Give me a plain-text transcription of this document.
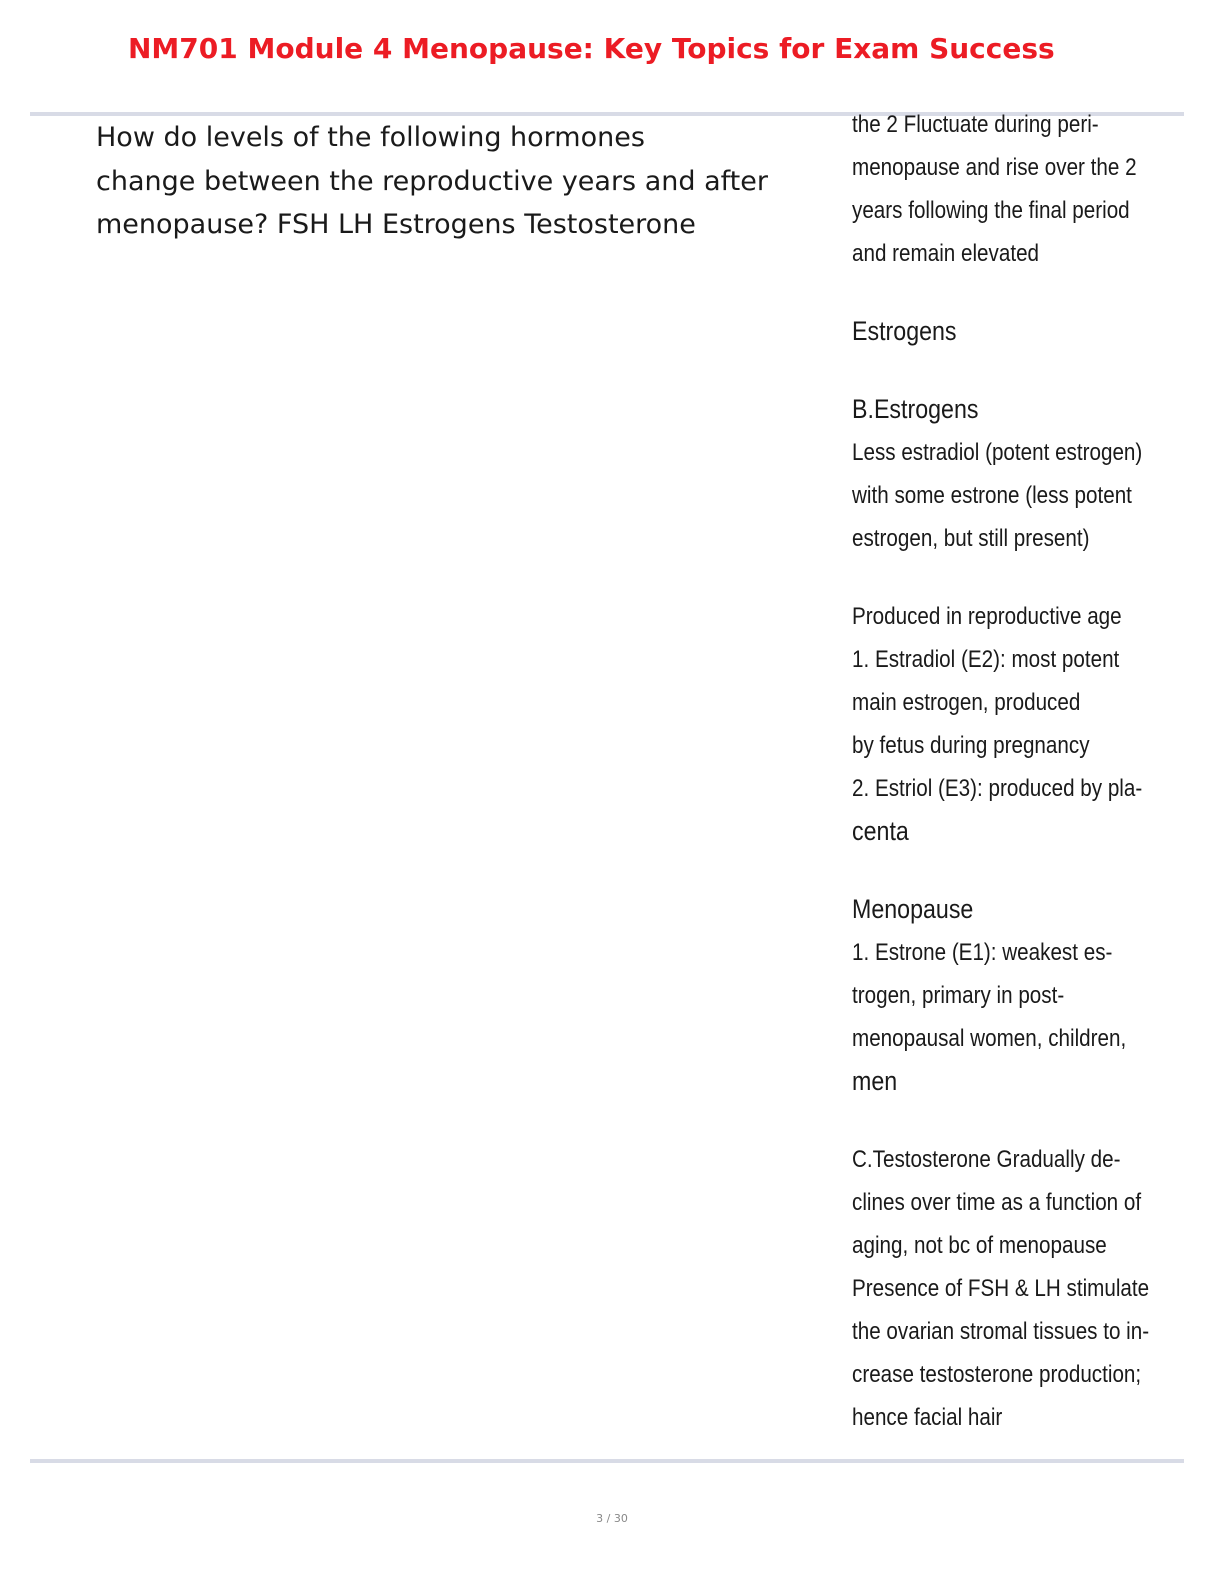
NM701 Module 4 Menopause: Key Topics for Exam Success
How do levels of the following hormones
change between the reproductive years and after
menopause? FSH LH Estrogens Testosterone
the 2 Fluctuate during peri-
menopause and rise over the 2
years following the final period
and remain elevated
Estrogens
B.Estrogens
Less estradiol (potent estrogen)
with some estrone (less potent
estrogen, but still present)
Produced in reproductive age
1. Estradiol (E2): most potent
main estrogen, produced
by fetus during pregnancy
2. Estriol (E3): produced by pla-
centa
Menopause
1. Estrone (E1): weakest es-
trogen, primary in post-
menopausal women, children,
men
C.Testosterone Gradually de-
clines over time as a function of
aging, not bc of menopause
Presence of FSH & LH stimulate
the ovarian stromal tissues to in-
crease testosterone production;
hence facial hair
3 / 30
